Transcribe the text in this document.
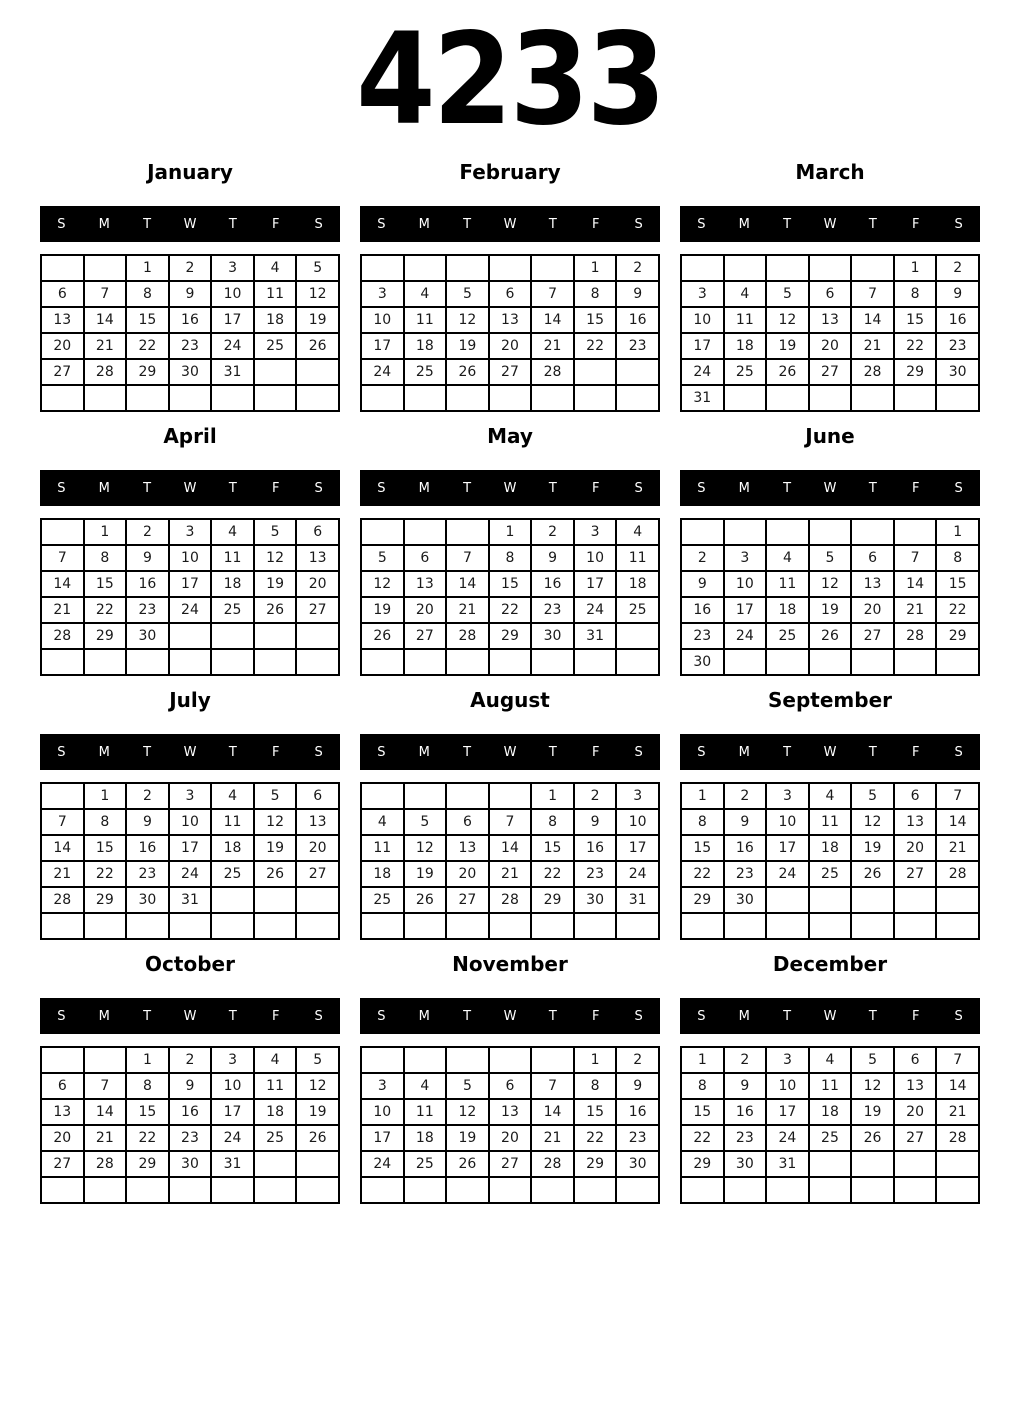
4233
January
S	M	T	W	T	F	S
		1	2	3	4	5
6	7	8	9	10	11	12
13	14	15	16	17	18	19
20	21	22	23	24	25	26
27	28	29	30	31		

February
S	M	T	W	T	F	S
					1	2
3	4	5	6	7	8	9
10	11	12	13	14	15	16
17	18	19	20	21	22	23
24	25	26	27	28		

March
S	M	T	W	T	F	S
					1	2
3	4	5	6	7	8	9
10	11	12	13	14	15	16
17	18	19	20	21	22	23
24	25	26	27	28	29	30
31						
April
S	M	T	W	T	F	S
	1	2	3	4	5	6
7	8	9	10	11	12	13
14	15	16	17	18	19	20
21	22	23	24	25	26	27
28	29	30				

May
S	M	T	W	T	F	S
			1	2	3	4
5	6	7	8	9	10	11
12	13	14	15	16	17	18
19	20	21	22	23	24	25
26	27	28	29	30	31	

June
S	M	T	W	T	F	S
						1
2	3	4	5	6	7	8
9	10	11	12	13	14	15
16	17	18	19	20	21	22
23	24	25	26	27	28	29
30						
July
S	M	T	W	T	F	S
	1	2	3	4	5	6
7	8	9	10	11	12	13
14	15	16	17	18	19	20
21	22	23	24	25	26	27
28	29	30	31			

August
S	M	T	W	T	F	S
				1	2	3
4	5	6	7	8	9	10
11	12	13	14	15	16	17
18	19	20	21	22	23	24
25	26	27	28	29	30	31

September
S	M	T	W	T	F	S
1	2	3	4	5	6	7
8	9	10	11	12	13	14
15	16	17	18	19	20	21
22	23	24	25	26	27	28
29	30					

October
S	M	T	W	T	F	S
		1	2	3	4	5
6	7	8	9	10	11	12
13	14	15	16	17	18	19
20	21	22	23	24	25	26
27	28	29	30	31		

November
S	M	T	W	T	F	S
					1	2
3	4	5	6	7	8	9
10	11	12	13	14	15	16
17	18	19	20	21	22	23
24	25	26	27	28	29	30

December
S	M	T	W	T	F	S
1	2	3	4	5	6	7
8	9	10	11	12	13	14
15	16	17	18	19	20	21
22	23	24	25	26	27	28
29	30	31				
